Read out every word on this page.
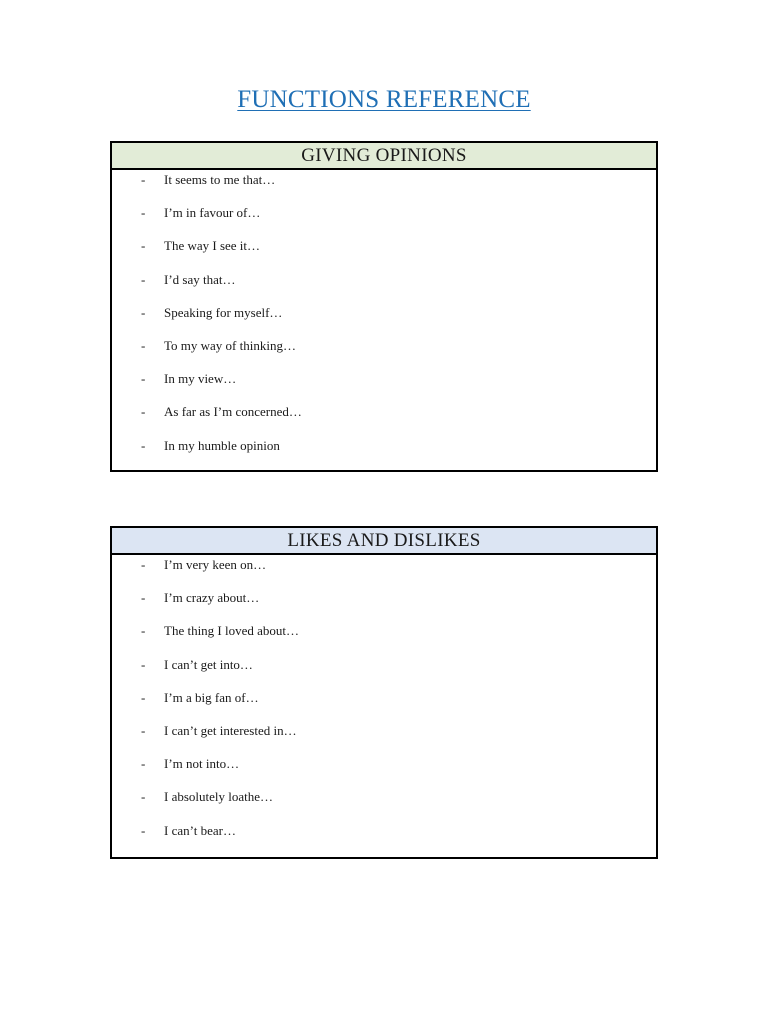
FUNCTIONS REFERENCE
GIVING OPINIONS
- It seems to me that…
- I’m in favour of…
- The way I see it…
- I’d say that…
- Speaking for myself…
- To my way of thinking…
- In my view…
- As far as I’m concerned…
- In my humble opinion
LIKES AND DISLIKES
- I’m very keen on…
- I’m crazy about…
- The thing I loved about…
- I can’t get into…
- I’m a big fan of…
- I can’t get interested in…
- I’m not into…
- I absolutely loathe…
- I can’t bear…
